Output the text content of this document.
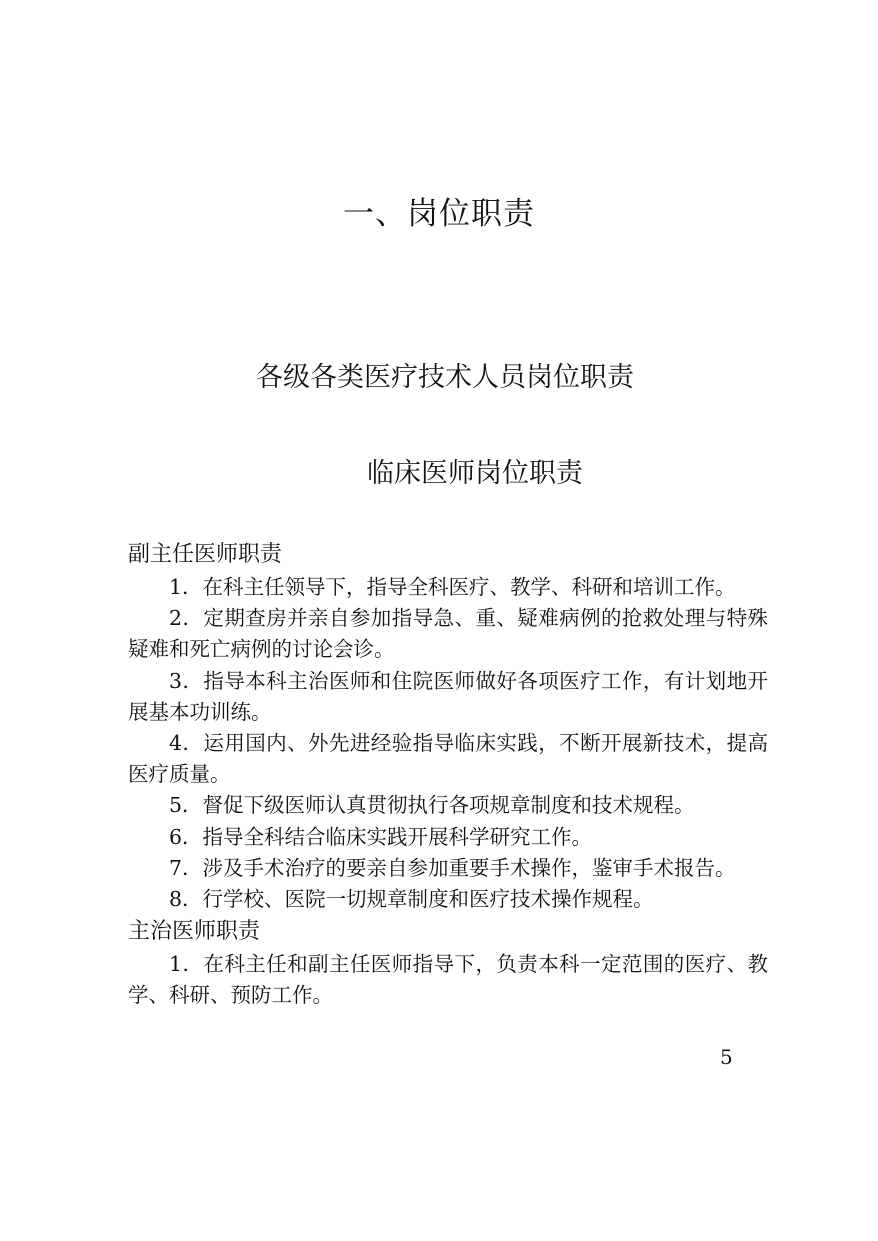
一、岗位职责
各级各类医疗技术人员岗位职责
临床医师岗位职责
副主任医师职责
1．在科主任领导下，指导全科医疗、教学、科研和培训工作。
2．定期查房并亲自参加指导急、重、疑难病例的抢救处理与特殊疑难和死亡病例的讨论会诊。
3．指导本科主治医师和住院医师做好各项医疗工作，有计划地开展基本功训练。
4．运用国内、外先进经验指导临床实践，不断开展新技术，提高医疗质量。
5．督促下级医师认真贯彻执行各项规章制度和技术规程。
6．指导全科结合临床实践开展科学研究工作。
7．涉及手术治疗的要亲自参加重要手术操作，鉴审手术报告。
8．行学校、医院一切规章制度和医疗技术操作规程。
主治医师职责
1．在科主任和副主任医师指导下，负责本科一定范围的医疗、教学、科研、预防工作。
5
